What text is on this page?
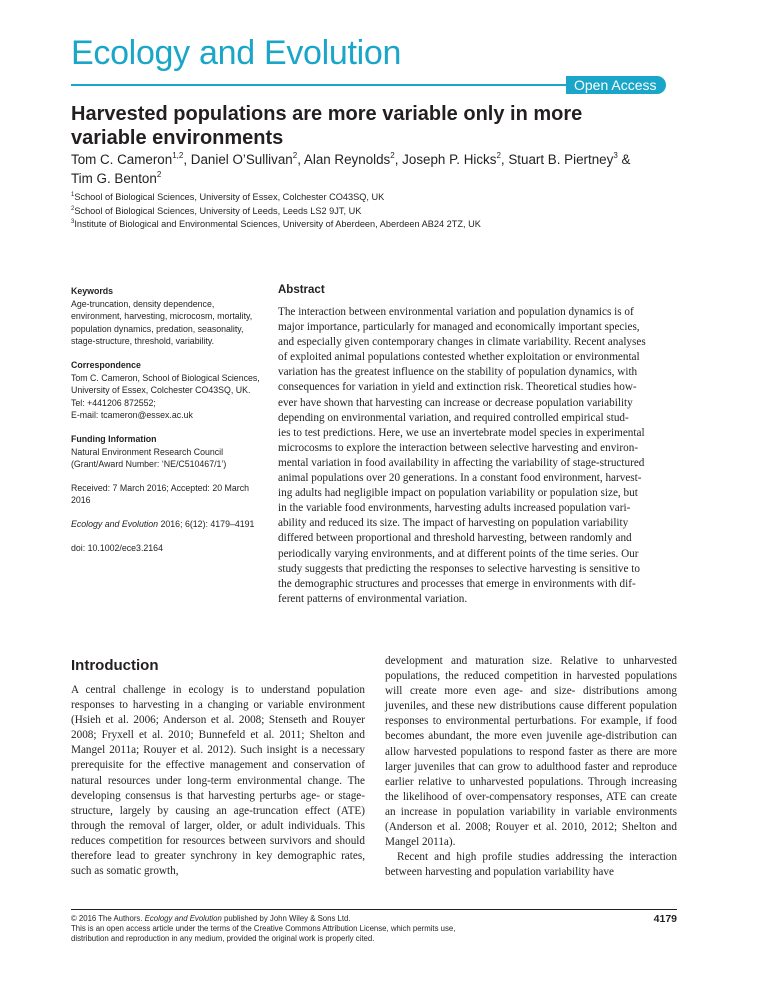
Ecology and Evolution
Open Access
Harvested populations are more variable only in more
variable environments
Tom C. Cameron$^{1,2}$, Daniel O’Sullivan$^2$, Alan Reynolds$^2$, Joseph P. Hicks$^2$, Stuart B. Piertney$^3$ &
Tim G. Benton$^2$
$^1$School of Biological Sciences, University of Essex, Colchester CO43SQ, UK
$^2$School of Biological Sciences, University of Leeds, Leeds LS2 9JT, UK
$^3$Institute of Biological and Environmental Sciences, University of Aberdeen, Aberdeen AB24 2TZ, UK

Keywords

Age-truncation, density dependence, environment, harvesting, microcosm, mortality, population dynamics, predation, seasonality, stage-structure, threshold, variability.

Correspondence

Tom C. Cameron, School of Biological Sciences, University of Essex, Colchester CO43SQ, UK.

Tel: +441206 872552;

E-mail: tcameron@essex.ac.uk

Funding Information

Natural Environment Research Council (Grant/Award Number: ‘NE/C510467/1’)

Received: 7 March 2016; Accepted: 20 March 2016

Ecology and Evolution 2016; 6(12): 4179–4191

doi: 10.1002/ece3.2164

Abstract
The interaction between environmental variation and population dynamics is of
major importance, particularly for managed and economically important species,
and especially given contemporary changes in climate variability. Recent analyses
of exploited animal populations contested whether exploitation or environmental
variation has the greatest influence on the stability of population dynamics, with
consequences for variation in yield and extinction risk. Theoretical studies how-
ever have shown that harvesting can increase or decrease population variability
depending on environmental variation, and required controlled empirical stud-
ies to test predictions. Here, we use an invertebrate model species in experimental
microcosms to explore the interaction between selective harvesting and environ-
mental variation in food availability in affecting the variability of stage-structured
animal populations over 20 generations. In a constant food environment, harvest-
ing adults had negligible impact on population variability or population size, but
in the variable food environments, harvesting adults increased population vari-
ability and reduced its size. The impact of harvesting on population variability
differed between proportional and threshold harvesting, between randomly and
periodically varying environments, and at different points of the time series. Our
study suggests that predicting the responses to selective harvesting is sensitive to
the demographic structures and processes that emerge in environments with dif-
ferent patterns of environmental variation.
Introduction

A central challenge in ecology is to understand population responses to harvesting in a changing or variable environment (Hsieh et al. 2006; Anderson et al. 2008; Stenseth and Rouyer 2008; Fryxell et al. 2010; Bunnefeld et al. 2011; Shelton and Mangel 2011a; Rouyer et al. 2012). Such insight is a necessary prerequisite for the effective management and conservation of natural resources under long-term environmental change. The developing consensus is that harvesting perturbs age- or stage-structure, largely by causing an age-truncation effect (ATE) through the removal of larger, older, or adult individuals. This reduces competition for resources between survivors and should therefore lead to greater synchrony in key demographic rates, such as somatic growth,

development and maturation size. Relative to unharvested populations, the reduced competition in harvested populations will create more even age- and size- distributions among juveniles, and these new distributions cause different population responses to environmental perturbations. For example, if food becomes abundant, the more even juvenile age-distribution can allow harvested populations to respond faster as there are more larger juveniles that can grow to adulthood faster and reproduce earlier relative to unharvested populations. Through increasing the likelihood of over-compensatory responses, ATE can create an increase in population variability in variable environments (Anderson et al. 2008; Rouyer et al. 2010, 2012; Shelton and Mangel 2011a).

Recent and high profile studies addressing the interaction between harvesting and population variability have

© 2016 The Authors. Ecology and Evolution published by John Wiley & Sons Ltd.
This is an open access article under the terms of the Creative Commons Attribution License, which permits use,
distribution and reproduction in any medium, provided the original work is properly cited.
4179
